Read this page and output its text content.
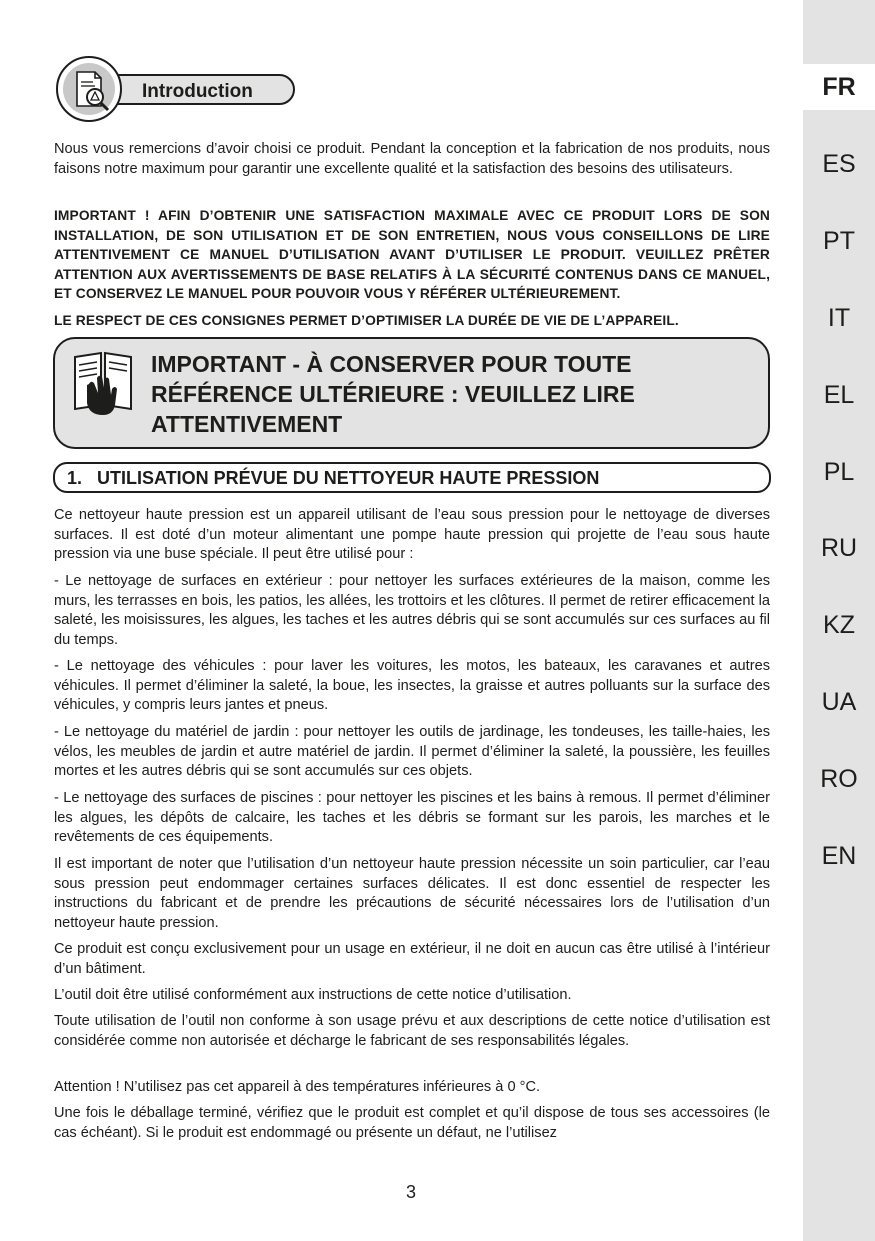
Introduction

Nous vous remercions d’avoir choisi ce produit. Pendant la conception et la fabrication de nos produits, nous faisons notre maximum pour garantir une excellente qualité et la satisfaction des besoins des utilisateurs.

IMPORTANT ! AFIN D’OBTENIR UNE SATISFACTION MAXIMALE AVEC CE PRODUIT LORS DE SON INSTALLATION, DE SON UTILISATION ET DE SON ENTRETIEN, NOUS VOUS CONSEILLONS DE LIRE ATTENTIVEMENT CE MANUEL D’UTILISATION AVANT D’UTILISER LE PRODUIT. VEUILLEZ PRÊTER ATTENTION AUX AVERTISSEMENTS DE BASE RELATIFS À LA SÉCURITÉ CONTENUS DANS CE MANUEL, ET CONSERVEZ LE MANUEL POUR POUVOIR VOUS Y RÉFÉRER ULTÉRIEUREMENT.

LE RESPECT DE CES CONSIGNES PERMET D’OPTIMISER LA DURÉE DE VIE DE L’APPAREIL.

IMPORTANT - À CONSERVER POUR TOUTE RÉFÉRENCE ULTÉRIEURE : VEUILLEZ LIRE ATTENTIVEMENT
1.   UTILISATION PRÉVUE DU NETTOYEUR HAUTE PRESSION

Ce nettoyeur haute pression est un appareil utilisant de l’eau sous pression pour le nettoyage de diverses surfaces. Il est doté d’un moteur alimentant une pompe haute pression qui projette de l’eau sous haute pression via une buse spéciale. Il peut être utilisé pour :

- Le nettoyage de surfaces en extérieur : pour nettoyer les surfaces extérieures de la maison, comme les murs, les terrasses en bois, les patios, les allées, les trottoirs et les clôtures. Il permet de retirer efficacement la saleté, les moisissures, les algues, les taches et les autres débris qui se sont accumulés sur ces surfaces au fil du temps.

- Le nettoyage des véhicules : pour laver les voitures, les motos, les bateaux, les caravanes et autres véhicules. Il permet d’éliminer la saleté, la boue, les insectes, la graisse et autres polluants sur la surface des véhicules, y compris leurs jantes et pneus.

- Le nettoyage du matériel de jardin : pour nettoyer les outils de jardinage, les tondeuses, les taille-haies, les vélos, les meubles de jardin et autre matériel de jardin. Il permet d’éliminer la saleté, la poussière, les feuilles mortes et les autres débris qui se sont accumulés sur ces objets.

- Le nettoyage des surfaces de piscines : pour nettoyer les piscines et les bains à remous. Il permet d’éliminer les algues, les dépôts de calcaire, les taches et les débris se formant sur les parois, les marches et le revêtements de ces équipements.

Il est important de noter que l’utilisation d’un nettoyeur haute pression nécessite un soin particulier, car l’eau sous pression peut endommager certaines surfaces délicates. Il est donc essentiel de respecter les instructions du fabricant et de prendre les précautions de sécurité nécessaires lors de l’utilisation d’un nettoyeur haute pression.

Ce produit est conçu exclusivement pour un usage en extérieur, il ne doit en aucun cas être utilisé à l’intérieur d’un bâtiment.

L’outil doit être utilisé conformément aux instructions de cette notice d’utilisation.

Toute utilisation de l’outil non conforme à son usage prévu et aux descriptions de cette notice d’utilisation est considérée comme non autorisée et décharge le fabricant de ses responsabilités légales.

Attention ! N’utilisez pas cet appareil à des températures inférieures à 0 °C.

Une fois le déballage terminé, vérifiez que le produit est complet et qu’il dispose de tous ses accessoires (le cas échéant). Si le produit est endommagé ou présente un défaut, ne l’utilisez

3
FR
ES
PT
IT
EL
PL
RU
KZ
UA
RO
EN
